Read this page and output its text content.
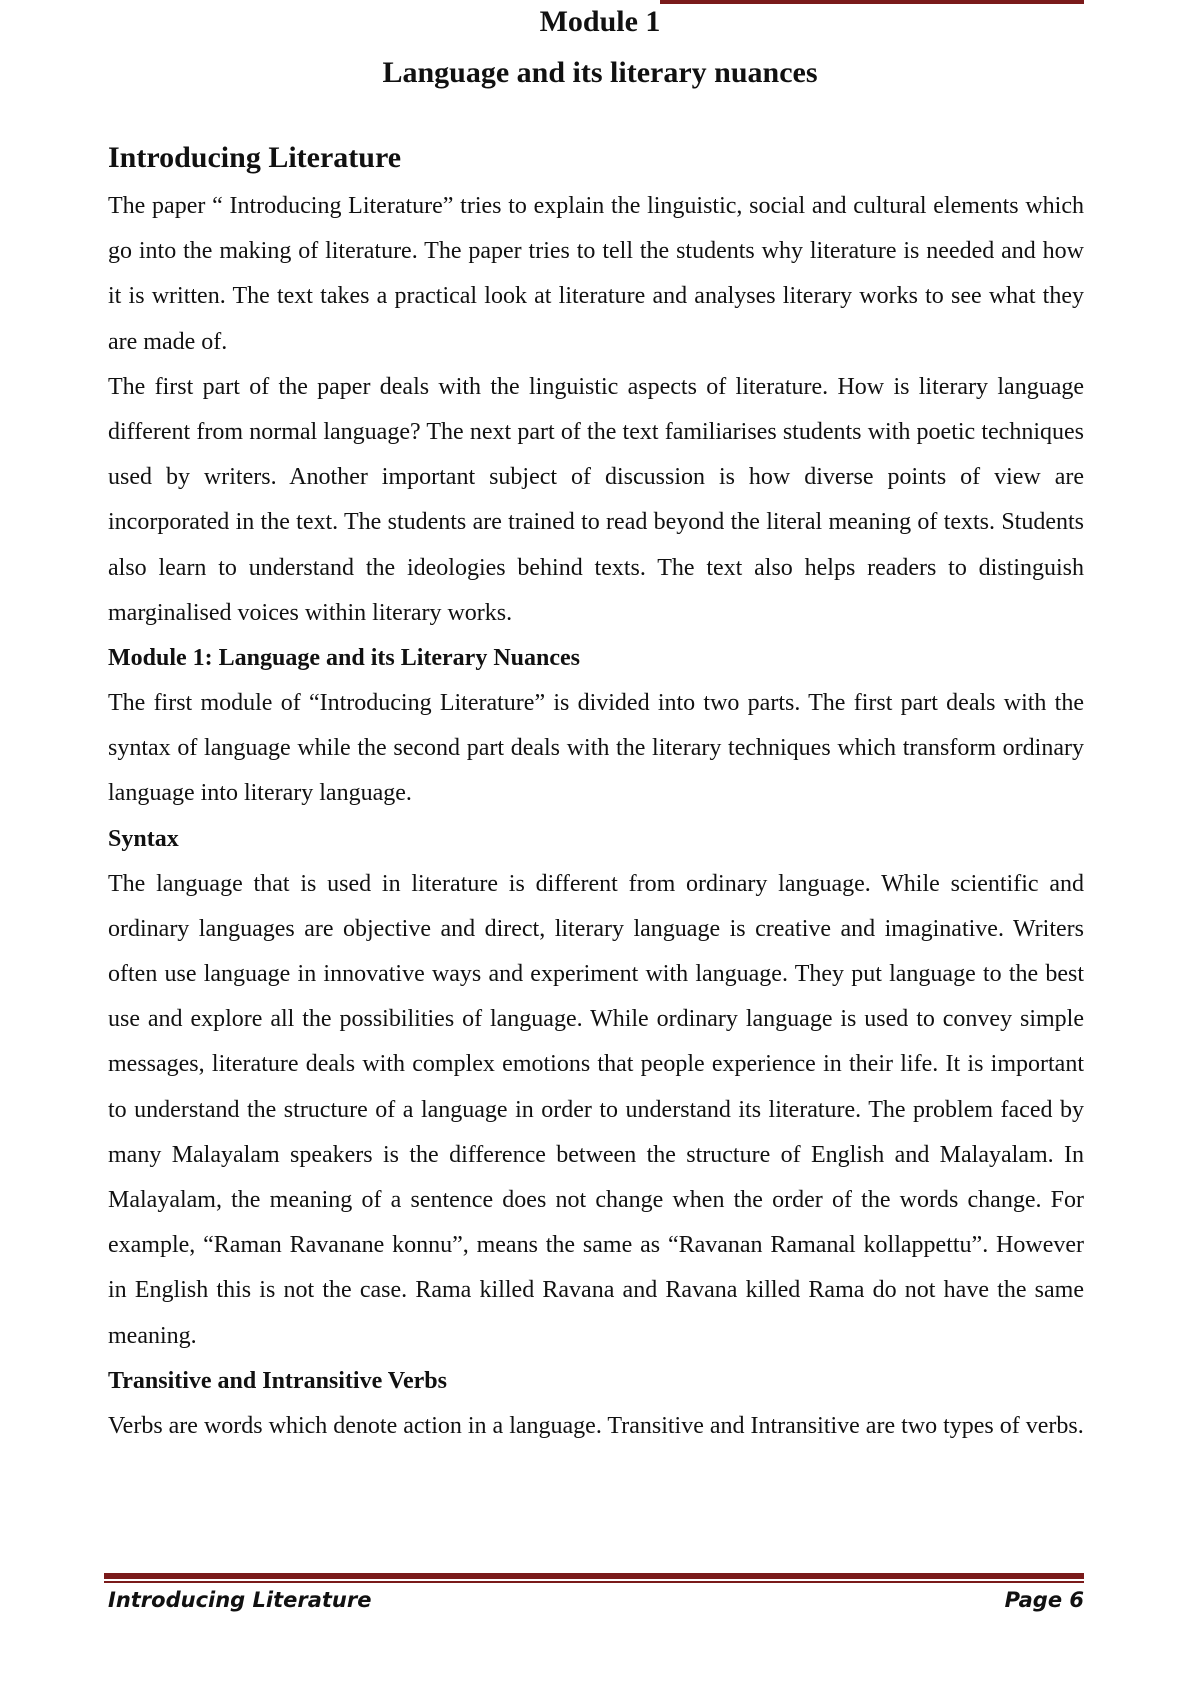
Module 1
Language and its literary nuances
Introducing Literature

The paper “ Introducing Literature” tries to explain the linguistic, social and cultural elements which go into the making of literature. The paper tries to tell the students why literature is needed and how it is written. The text takes a practical look at literature and analyses literary works to see what they are made of.

The first part of the paper deals with the linguistic aspects of literature. How is literary language different from normal language? The next part of the text familiarises students with poetic techniques used by writers. Another important subject of discussion is how diverse points of view are incorporated in the text. The students are trained to read beyond the literal meaning of texts. Students also learn to understand the ideologies behind texts. The text also helps readers to distinguish marginalised voices within literary works.

Module 1: Language and its Literary Nuances

The first module of “Introducing Literature” is divided into two parts. The first part deals with the syntax of language while the second part deals with the literary techniques which transform ordinary language into literary language.

Syntax

The language that is used in literature is different from ordinary language. While scientific and ordinary languages are objective and direct, literary language is creative and imaginative. Writers often use language in innovative ways and experiment with language. They put language to the best use and explore all the possibilities of language. While ordinary language is used to convey simple messages, literature deals with complex emotions that people experience in their life. It is important to understand the structure of a language in order to understand its literature. The problem faced by many Malayalam speakers is the difference between the structure of English and Malayalam. In Malayalam, the meaning of a sentence does not change when the order of the words change. For example, “Raman Ravanane konnu”, means the same as “Ravanan Ramanal kollappettu”. However in English this is not the case. Rama killed Ravana and Ravana killed Rama do not have the same meaning.

Transitive and Intransitive Verbs

Verbs are words which denote action in a language. Transitive and Intransitive are two types of verbs.

Introducing Literature	Page 6
